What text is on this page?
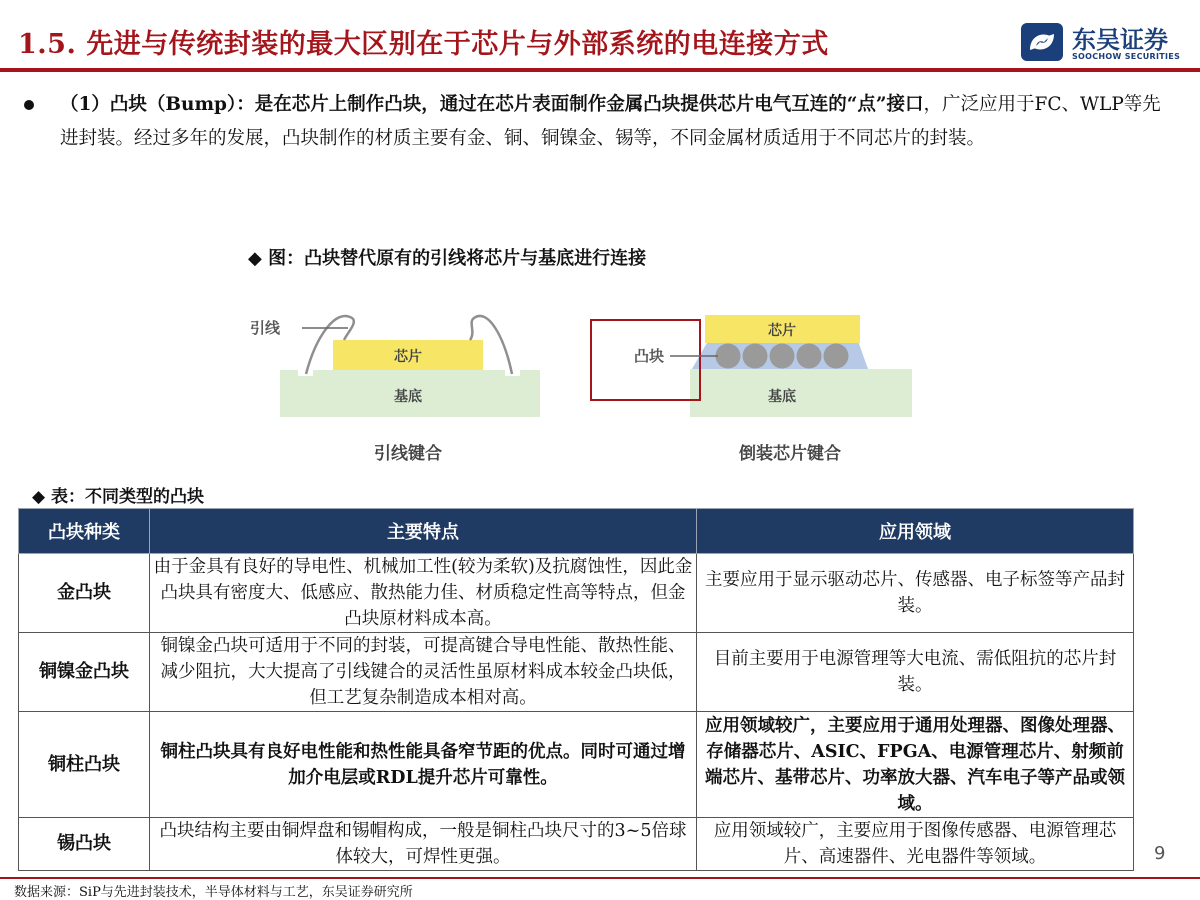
1.5. 先进与传统封装的最大区别在于芯片与外部系统的电连接方式	东吴证券
SOOCHOW SECURITIES
（1）凸块（Bump）：是在芯片上制作凸块，通过在芯片表面制作金属凸块提供芯片电气互连的“点”接口，广泛应用于FC、WLP等先进封装。经过多年的发展，凸块制作的材质主要有金、铜、铜镍金、锡等，不同金属材质适用于不同芯片的封装。
◆ 图：凸块替代原有的引线将芯片与基底进行连接
引线
芯片
基底
引线键合
凸块
芯片
基底
倒装芯片键合
◆ 表：不同类型的凸块
凸块种类	主要特点	应用领域
金凸块	由于金具有良好的导电性、机械加工性(较为柔软)及抗腐蚀性，因此金凸块具有密度大、低感应、散热能力佳、材质稳定性高等特点，但金凸块原材料成本高。	主要应用于显示驱动芯片、传感器、电子标签等产品封装。
铜镍金凸块	铜镍金凸块可适用于不同的封装，可提高键合导电性能、散热性能、减少阻抗，大大提高了引线键合的灵活性虽原材料成本较金凸块低，但工艺复杂制造成本相对高。	目前主要用于电源管理等大电流、需低阻抗的芯片封装。
铜柱凸块	铜柱凸块具有良好电性能和热性能具备窄节距的优点。同时可通过增加介电层或RDL提升芯片可靠性。	应用领域较广，主要应用于通用处理器、图像处理器、存储器芯片、ASIC、FPGA、电源管理芯片、射频前端芯片、基带芯片、功率放大器、汽车电子等产品或领域。
锡凸块	凸块结构主要由铜焊盘和锡帽构成，一般是铜柱凸块尺寸的3~5倍球体较大，可焊性更强。	应用领域较广，主要应用于图像传感器、电源管理芯片、高速器件、光电器件等领域。	9
数据来源：SiP与先进封装技术，半导体材料与工艺，东吴证券研究所
